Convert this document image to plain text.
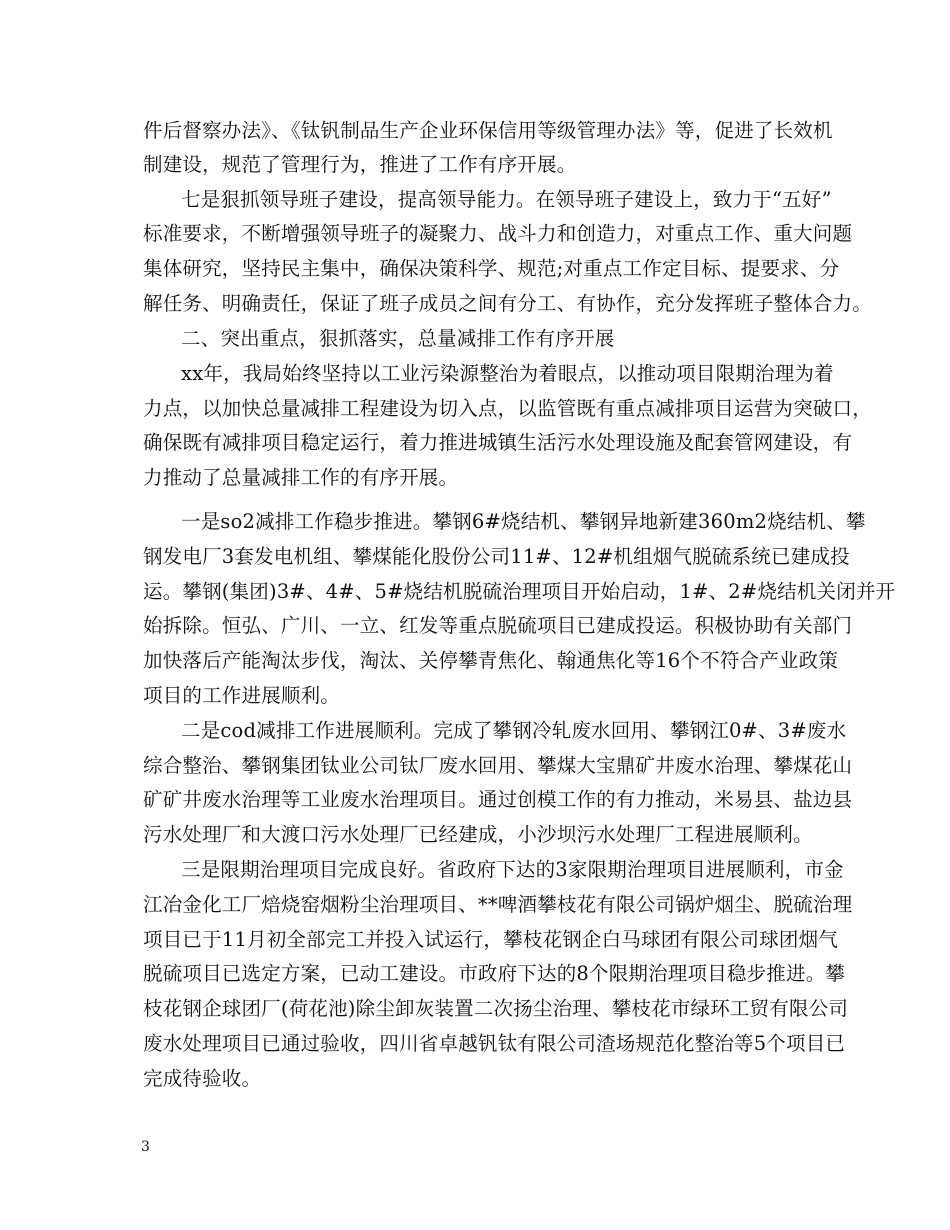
件后督察办法》、《钛钒制品生产企业环保信用等级管理办法》等，促进了长效机
制建设，规范了管理行为，推进了工作有序开展。
七是狠抓领导班子建设，提高领导能力。在领导班子建设上，致力于“五好”
标准要求，不断增强领导班子的凝聚力、战斗力和创造力，对重点工作、重大问题
集体研究，坚持民主集中，确保决策科学、规范;对重点工作定目标、提要求、分
解任务、明确责任，保证了班子成员之间有分工、有协作，充分发挥班子整体合力。
二、突出重点，狠抓落实，总量减排工作有序开展
xx年，我局始终坚持以工业污染源整治为着眼点，以推动项目限期治理为着
力点，以加快总量减排工程建设为切入点，以监管既有重点减排项目运营为突破口，
确保既有减排项目稳定运行，着力推进城镇生活污水处理设施及配套管网建设，有
力推动了总量减排工作的有序开展。
一是so2减排工作稳步推进。攀钢6#烧结机、攀钢异地新建360m2烧结机、攀
钢发电厂3套发电机组、攀煤能化股份公司11#、12#机组烟气脱硫系统已建成投
运。攀钢(集团)3#、4#、5#烧结机脱硫治理项目开始启动，1#、2#烧结机关闭并开
始拆除。恒弘、广川、一立、红发等重点脱硫项目已建成投运。积极协助有关部门
加快落后产能淘汰步伐，淘汰、关停攀青焦化、翰通焦化等16个不符合产业政策
项目的工作进展顺利。
二是cod减排工作进展顺利。完成了攀钢冷轧废水回用、攀钢江0#、3#废水
综合整治、攀钢集团钛业公司钛厂废水回用、攀煤大宝鼎矿井废水治理、攀煤花山
矿矿井废水治理等工业废水治理项目。通过创模工作的有力推动，米易县、盐边县
污水处理厂和大渡口污水处理厂已经建成，小沙坝污水处理厂工程进展顺利。
三是限期治理项目完成良好。省政府下达的3家限期治理项目进展顺利，市金
江冶金化工厂焙烧窑烟粉尘治理项目、**啤酒攀枝花有限公司锅炉烟尘、脱硫治理
项目已于11月初全部完工并投入试运行，攀枝花钢企白马球团有限公司球团烟气
脱硫项目已选定方案，已动工建设。市政府下达的8个限期治理项目稳步推进。攀
枝花钢企球团厂(荷花池)除尘卸灰装置二次扬尘治理、攀枝花市绿环工贸有限公司
废水处理项目已通过验收，四川省卓越钒钛有限公司渣场规范化整治等5个项目已
完成待验收。
3
